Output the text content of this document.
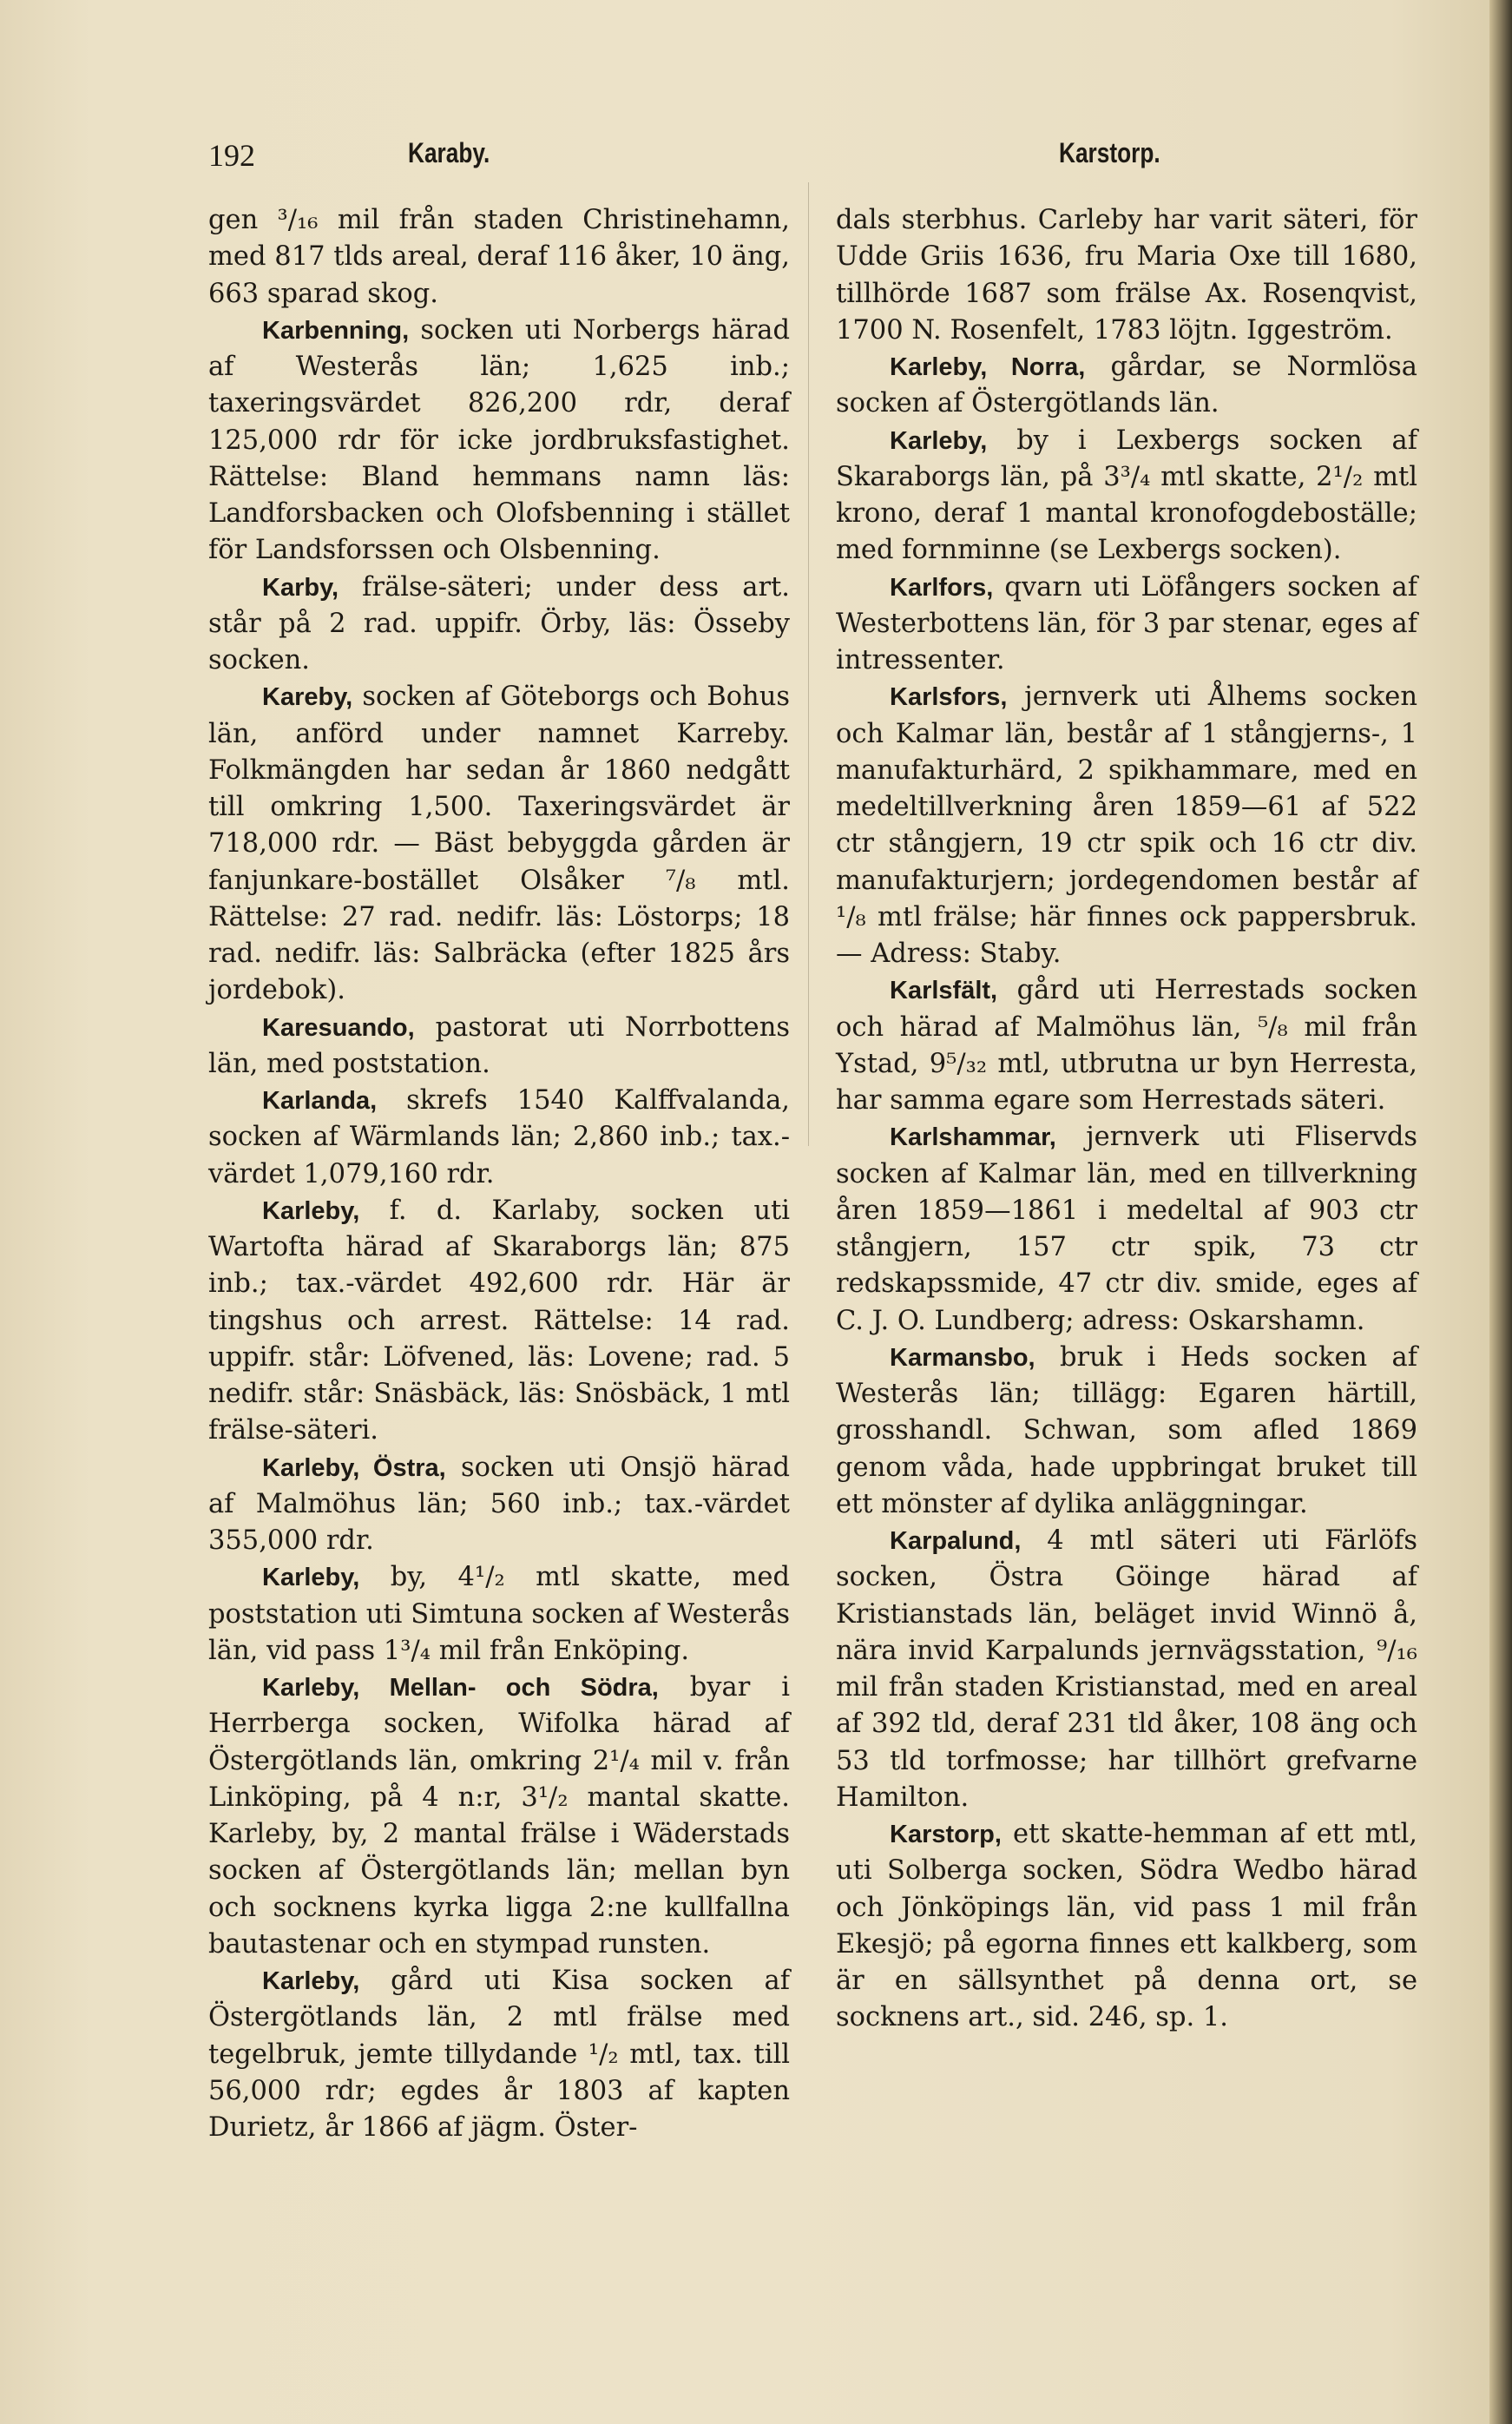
192	Karaby.	Karstorp.

gen ³/₁₆ mil från staden Christinehamn, med 817 tlds areal, deraf 116 åker, 10 äng, 663 sparad skog.

Karbenning, socken uti Norbergs härad af Westerås län; 1,625 inb.; taxeringsvärdet 826,200 rdr, deraf 125,000 rdr för icke jordbruksfastighet. Rättelse: Bland hemmans namn läs: Landforsbacken och Olofsbenning i stället för Landsforssen och Olsbenning.

Karby, frälse-säteri; under dess art. står på 2 rad. uppifr. Örby, läs: Össeby socken.

Kareby, socken af Göteborgs och Bohus län, anförd under namnet Karreby. Folkmängden har sedan år 1860 nedgått till omkring 1,500. Taxeringsvärdet är 718,000 rdr. — Bäst bebyggda gården är fanjunkare-bostället Olsåker ⁷/₈ mtl. Rättelse: 27 rad. nedifr. läs: Löstorps; 18 rad. nedifr. läs: Salbräcka (efter 1825 års jordebok).

Karesuando, pastorat uti Norrbottens län, med poststation.

Karlanda, skrefs 1540 Kalffvalanda, socken af Wärmlands län; 2,860 inb.; tax.-värdet 1,079,160 rdr.

Karleby, f. d. Karlaby, socken uti Wartofta härad af Skaraborgs län; 875 inb.; tax.-värdet 492,600 rdr. Här är tingshus och arrest. Rättelse: 14 rad. uppifr. står: Löfvened, läs: Lovene; rad. 5 nedifr. står: Snäsbäck, läs: Snösbäck, 1 mtl frälse-säteri.

Karleby, Östra, socken uti Onsjö härad af Malmöhus län; 560 inb.; tax.-värdet 355,000 rdr.

Karleby, by, 4¹/₂ mtl skatte, med poststation uti Simtuna socken af Westerås län, vid pass 1³/₄ mil från Enköping.

Karleby, Mellan- och Södra, byar i Herrberga socken, Wifolka härad af Östergötlands län, omkring 2¹/₄ mil v. från Linköping, på 4 n:r, 3¹/₂ mantal skatte. Karleby, by, 2 mantal frälse i Wäderstads socken af Östergötlands län; mellan byn och socknens kyrka ligga 2:ne kullfallna bautastenar och en stympad runsten.

Karleby, gård uti Kisa socken af Östergötlands län, 2 mtl frälse med tegelbruk, jemte tillydande ¹/₂ mtl, tax. till 56,000 rdr; egdes år 1803 af kapten Durietz, år 1866 af jägm. Öster-

dals sterbhus. Carleby har varit säteri, för Udde Griis 1636, fru Maria Oxe till 1680, tillhörde 1687 som frälse Ax. Rosenqvist, 1700 N. Rosenfelt, 1783 löjtn. Iggeström.

Karleby, Norra, gårdar, se Normlösa socken af Östergötlands län.

Karleby, by i Lexbergs socken af Skaraborgs län, på 3³/₄ mtl skatte, 2¹/₂ mtl krono, deraf 1 mantal kronofogdeboställe; med fornminne (se Lexbergs socken).

Karlfors, qvarn uti Löfångers socken af Westerbottens län, för 3 par stenar, eges af intressenter.

Karlsfors, jernverk uti Ålhems socken och Kalmar län, består af 1 stångjerns-, 1 manufakturhärd, 2 spikhammare, med en medeltillverkning åren 1859—61 af 522 ctr stångjern, 19 ctr spik och 16 ctr div. manufakturjern; jordegendomen består af ¹/₈ mtl frälse; här finnes ock pappersbruk. — Adress: Staby.

Karlsfält, gård uti Herrestads socken och härad af Malmöhus län, ⁵/₈ mil från Ystad, 9⁵/₃₂ mtl, utbrutna ur byn Herresta, har samma egare som Herrestads säteri.

Karlshammar, jernverk uti Fliservds socken af Kalmar län, med en tillverkning åren 1859—1861 i medeltal af 903 ctr stångjern, 157 ctr spik, 73 ctr redskapssmide, 47 ctr div. smide, eges af C. J. O. Lundberg; adress: Oskarshamn.

Karmansbo, bruk i Heds socken af Westerås län; tillägg: Egaren härtill, grosshandl. Schwan, som afled 1869 genom våda, hade uppbringat bruket till ett mönster af dylika anläggningar.

Karpalund, 4 mtl säteri uti Färlöfs socken, Östra Göinge härad af Kristianstads län, beläget invid Winnö å, nära invid Karpalunds jernvägsstation, ⁹/₁₆ mil från staden Kristianstad, med en areal af 392 tld, deraf 231 tld åker, 108 äng och 53 tld torfmosse; har tillhört grefvarne Hamilton.

Karstorp, ett skatte-hemman af ett mtl, uti Solberga socken, Södra Wedbo härad och Jönköpings län, vid pass 1 mil från Ekesjö; på egorna finnes ett kalkberg, som är en sällsynthet på denna ort, se socknens art., sid. 246, sp. 1.
